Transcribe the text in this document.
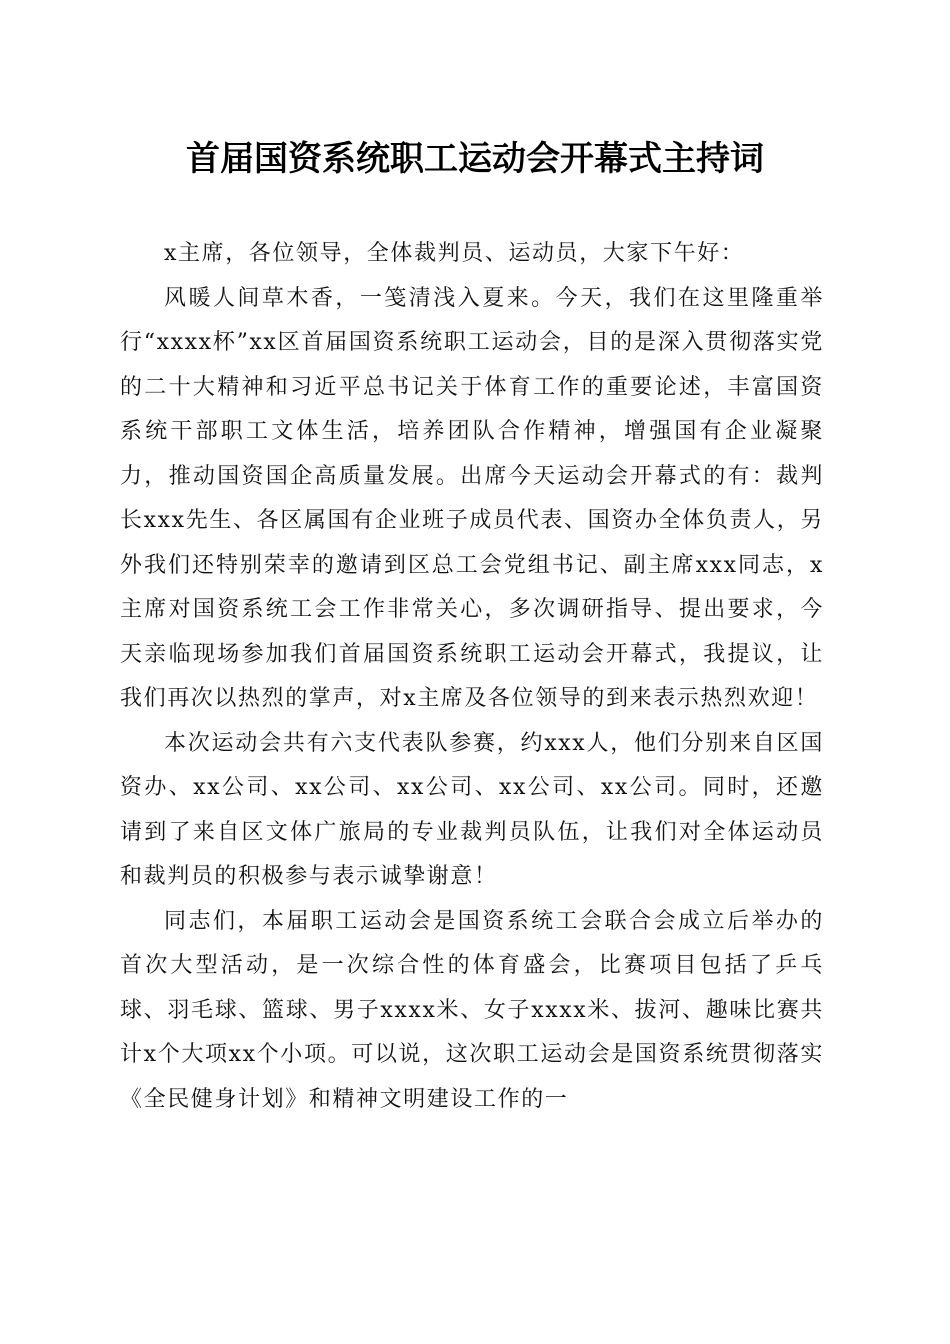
首届国资系统职工运动会开幕式主持词

x主席，各位领导，全体裁判员、运动员，大家下午好：

风暖人间草木香，一笺清浅入夏来。今天，我们在这里隆重举行“xxxx杯”xx区首届国资系统职工运动会，目的是深入贯彻落实党的二十大精神和习近平总书记关于体育工作的重要论述，丰富国资系统干部职工文体生活，培养团队合作精神，增强国有企业凝聚力，推动国资国企高质量发展。出席今天运动会开幕式的有：裁判长xxx先生、各区属国有企业班子成员代表、国资办全体负责人，另外我们还特别荣幸的邀请到区总工会党组书记、副主席xxx同志，x主席对国资系统工会工作非常关心，多次调研指导、提出要求，今天亲临现场参加我们首届国资系统职工运动会开幕式，我提议，让我们再次以热烈的掌声，对x主席及各位领导的到来表示热烈欢迎！

本次运动会共有六支代表队参赛，约xxx人，他们分别来自区国资办、xx公司、xx公司、xx公司、xx公司、xx公司。同时，还邀请到了来自区文体广旅局的专业裁判员队伍，让我们对全体运动员和裁判员的积极参与表示诚挚谢意！

同志们，本届职工运动会是国资系统工会联合会成立后举办的首次大型活动，是一次综合性的体育盛会，比赛项目包括了乒乓球、羽毛球、篮球、男子xxxx米、女子xxxx米、拔河、趣味比赛共计x个大项xx个小项。可以说，这次职工运动会是国资系统贯彻落实《全民健身计划》和精神文明建设工作的一
